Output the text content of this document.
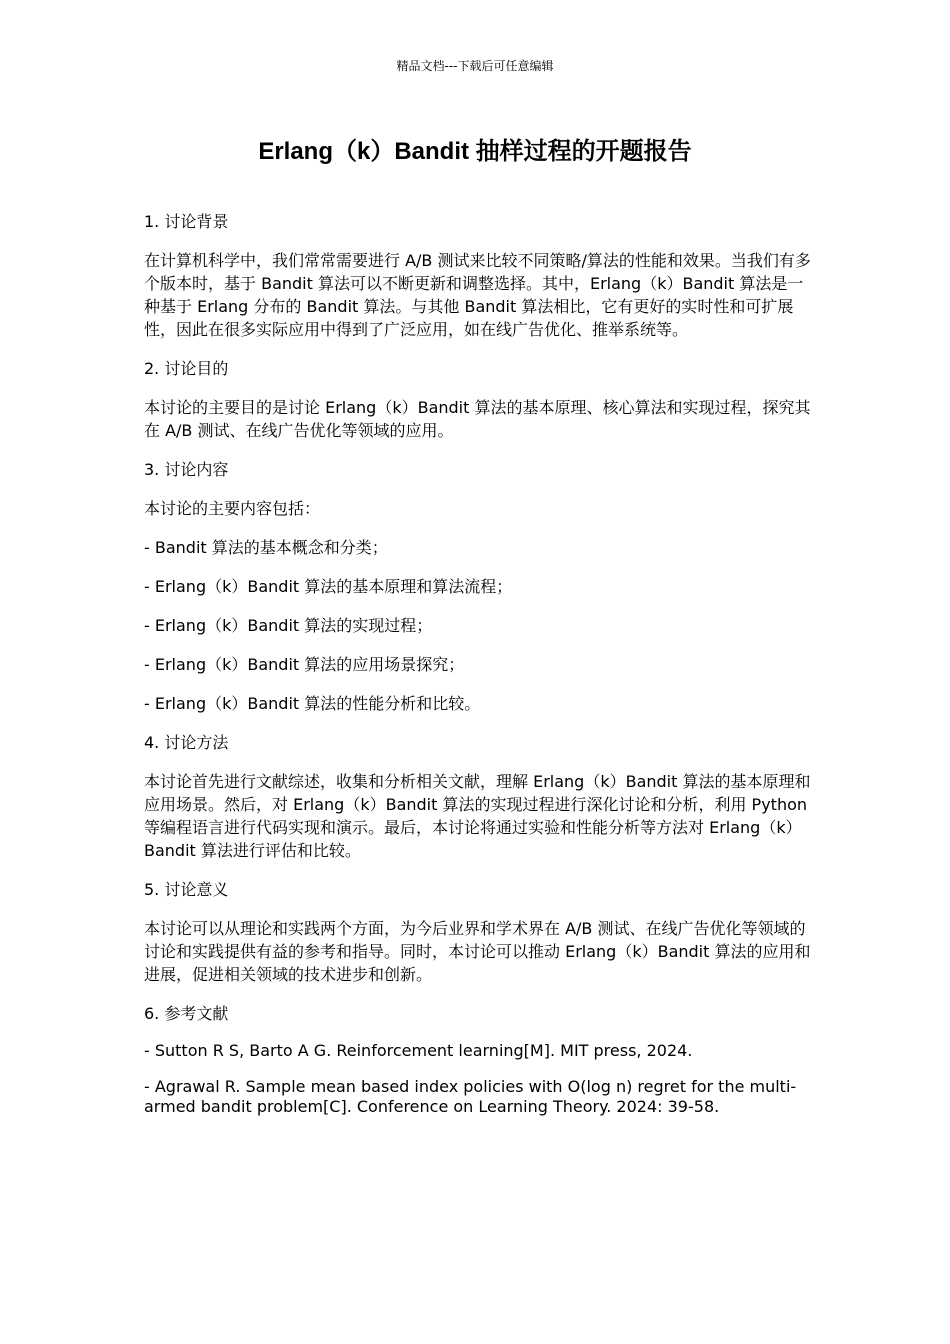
精品文档---下载后可任意编辑
Erlang（k）Bandit 抽样过程的开题报告

1. 讨论背景

在计算机科学中，我们常常需要进行 A/B 测试来比较不同策略/算法的性能和效果。当我们有多个版本时，基于 Bandit 算法可以不断更新和调整选择。其中，Erlang（k）Bandit 算法是一种基于 Erlang 分布的 Bandit 算法。与其他 Bandit 算法相比，它有更好的实时性和可扩展性，因此在很多实际应用中得到了广泛应用，如在线广告优化、推举系统等。

2. 讨论目的

本讨论的主要目的是讨论 Erlang（k）Bandit 算法的基本原理、核心算法和实现过程，探究其在 A/B 测试、在线广告优化等领域的应用。

3. 讨论内容

本讨论的主要内容包括：

- Bandit 算法的基本概念和分类；

- Erlang（k）Bandit 算法的基本原理和算法流程；

- Erlang（k）Bandit 算法的实现过程；

- Erlang（k）Bandit 算法的应用场景探究；

- Erlang（k）Bandit 算法的性能分析和比较。

4. 讨论方法

本讨论首先进行文献综述，收集和分析相关文献，理解 Erlang（k）Bandit 算法的基本原理和应用场景。然后，对 Erlang（k）Bandit 算法的实现过程进行深化讨论和分析，利用 Python 等编程语言进行代码实现和演示。最后，本讨论将通过实验和性能分析等方法对 Erlang（k）Bandit 算法进行评估和比较。

5. 讨论意义

本讨论可以从理论和实践两个方面，为今后业界和学术界在 A/B 测试、在线广告优化等领域的讨论和实践提供有益的参考和指导。同时，本讨论可以推动 Erlang（k）Bandit 算法的应用和进展，促进相关领域的技术进步和创新。

6. 参考文献

- Sutton R S, Barto A G. Reinforcement learning[M]. MIT press, 2024.

- Agrawal R. Sample mean based index policies with O(log n) regret for the multi-armed bandit problem[C]. Conference on Learning Theory. 2024: 39-58.
